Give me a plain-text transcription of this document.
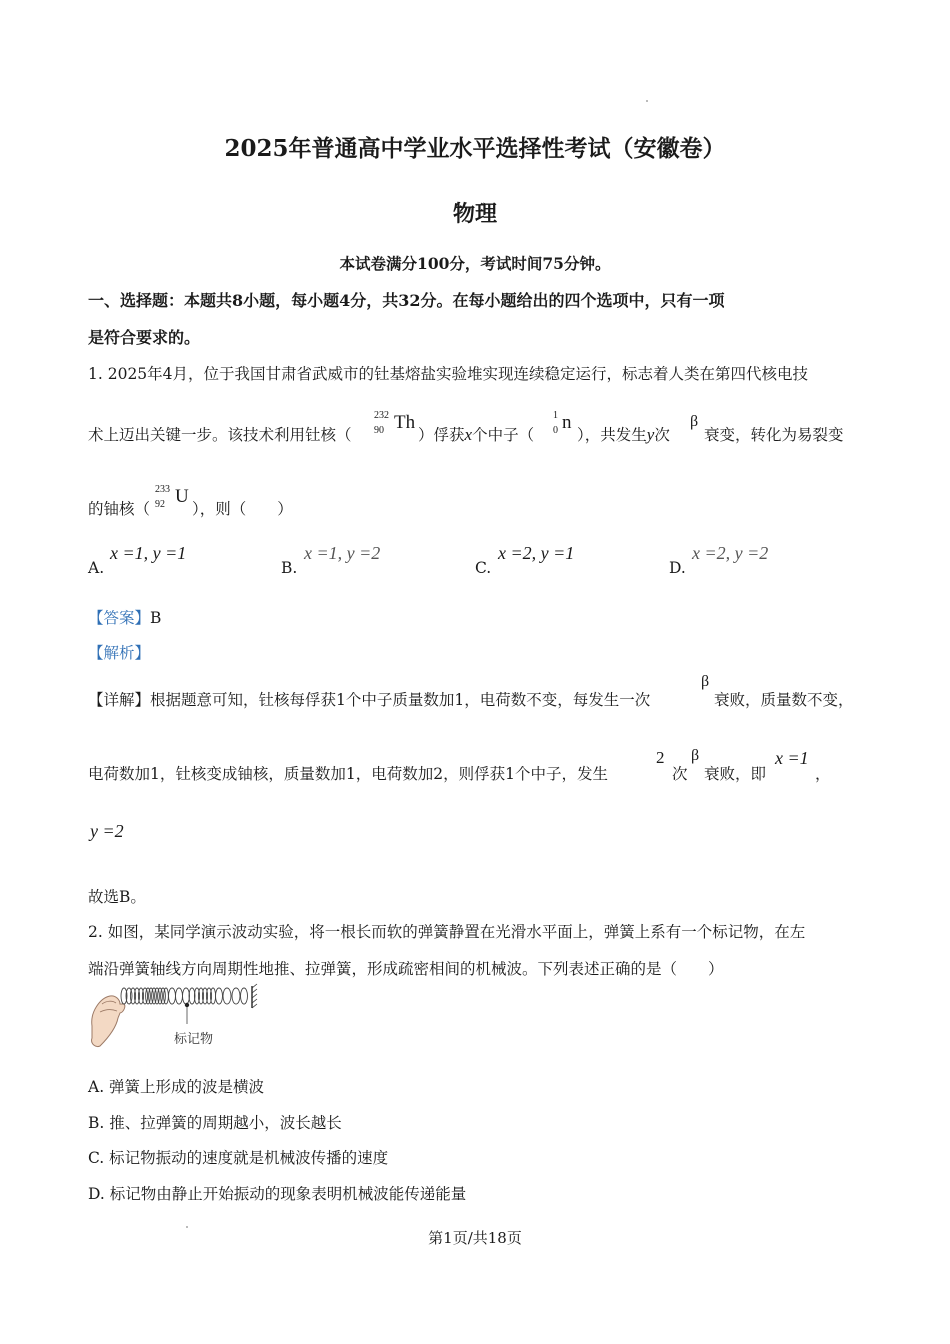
2025年普通高中学业水平选择性考试（安徽卷）
物理
本试卷满分100分，考试时间75分钟。
一、选择题：本题共8小题，每小题4分，共32分。在每小题给出的四个选项中，只有一项
是符合要求的。
1. 2025年4月，位于我国甘肃省武威市的钍基熔盐实验堆实现连续稳定运行，标志着人类在第四代核电技
术上迈出关键一步。该技术利用钍核（
232
90 Th
）俘获x个中子（
1
0 n
），共发生y次
β
衰变，转化为易裂变
的铀核（
233
92 U
），则（　　）
A.
x =1, y =1
B.
x =1, y =2
C.
x =2, y =1
D.
x =2, y =2
【答案】B
【解析】
【详解】根据题意可知，钍核每俘获1个中子质量数加1，电荷数不变，每发生一次
β
衰败，质量数不变，
电荷数加1，钍核变成铀核，质量数加1，电荷数加2，则俘获1个中子，发生
2
次
β
衰败，即
x =1
，
y =2
故选B。
2. 如图，某同学演示波动实验，将一根长而软的弹簧静置在光滑水平面上，弹簧上系有一个标记物，在左
端沿弹簧轴线方向周期性地推、拉弹簧，形成疏密相间的机械波。下列表述正确的是（　　）
标记物
A. 弹簧上形成的波是横波
B. 推、拉弹簧的周期越小，波长越长
C. 标记物振动的速度就是机械波传播的速度
D. 标记物由静止开始振动的现象表明机械波能传递能量
第1页/共18页
